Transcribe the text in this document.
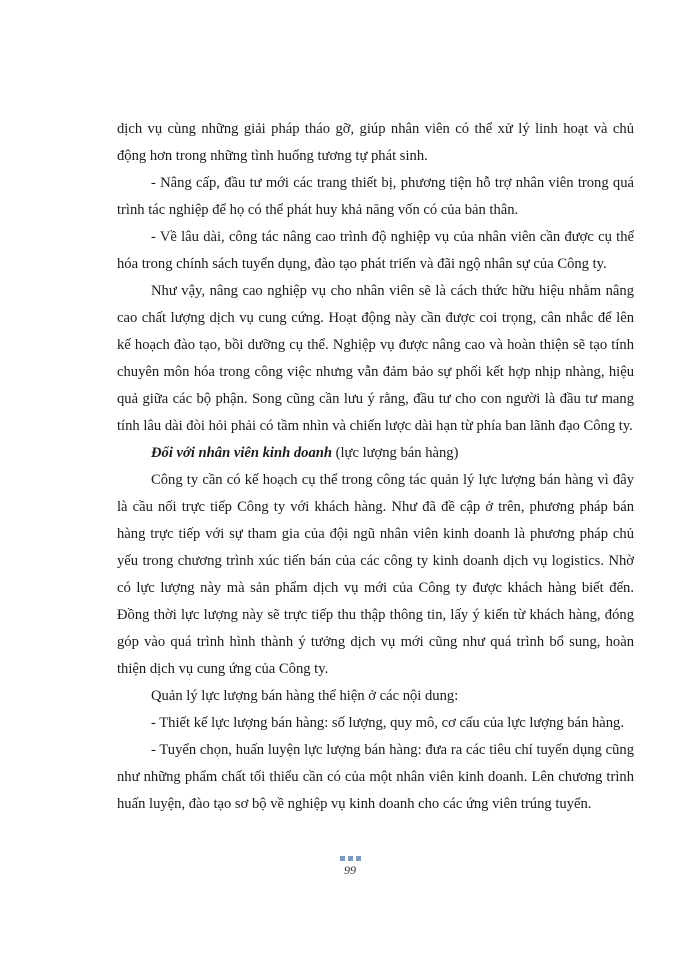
dịch vụ cùng những giải pháp tháo gỡ, giúp nhân viên có thể xử lý linh hoạt và chủ động hơn trong những tình huống tương tự phát sinh.

- Nâng cấp, đầu tư mới các trang thiết bị, phương tiện hỗ trợ nhân viên trong quá trình tác nghiệp để họ có thể phát huy khả năng vốn có của bản thân.

- Về lâu dài, công tác nâng cao trình độ nghiệp vụ của nhân viên cần được cụ thể hóa trong chính sách tuyển dụng, đào tạo phát triển và đãi ngộ nhân sự của Công ty.

Như vậy, nâng cao nghiệp vụ cho nhân viên sẽ là cách thức hữu hiệu nhằm nâng cao chất lượng dịch vụ cung cứng. Hoạt động này cần được coi trọng, cân nhắc để lên kế hoạch đào tạo, bồi dưỡng cụ thể. Nghiệp vụ được nâng cao và hoàn thiện sẽ tạo tính chuyên môn hóa trong công việc nhưng vẫn đảm bảo sự phối kết hợp nhịp nhàng, hiệu quả giữa các bộ phận. Song cũng cần lưu ý rằng, đầu tư cho con người là đầu tư mang tính lâu dài đòi hỏi phải có tầm nhìn và chiến lược dài hạn từ phía ban lãnh đạo Công ty.

Đối với nhân viên kinh doanh (lực lượng bán hàng)

Công ty cần có kế hoạch cụ thể trong công tác quản lý lực lượng bán hàng vì đây là cầu nối trực tiếp Công ty với khách hàng. Như đã đề cập ở trên, phương pháp bán hàng trực tiếp với sự tham gia của đội ngũ nhân viên kinh doanh là phương pháp chủ yếu trong chương trình xúc tiến bán của các công ty kinh doanh dịch vụ logistics. Nhờ có lực lượng này mà sản phẩm dịch vụ mới của Công ty được khách hàng biết đến. Đồng thời lực lượng này sẽ trực tiếp thu thập thông tin, lấy ý kiến từ khách hàng, đóng góp vào quá trình hình thành ý tưởng dịch vụ mới cũng như quá trình bổ sung, hoàn thiện dịch vụ cung ứng của Công ty.

Quản lý lực lượng bán hàng thể hiện ở các nội dung:

- Thiết kế lực lượng bán hàng: số lượng, quy mô, cơ cấu của lực lượng bán hàng.

- Tuyển chọn, huấn luyện lực lượng bán hàng: đưa ra các tiêu chí tuyển dụng cũng như những phẩm chất tối thiểu cần có của một nhân viên kinh doanh. Lên chương trình huấn luyện, đào tạo sơ bộ về nghiệp vụ kinh doanh cho các ứng viên trúng tuyển.

99
